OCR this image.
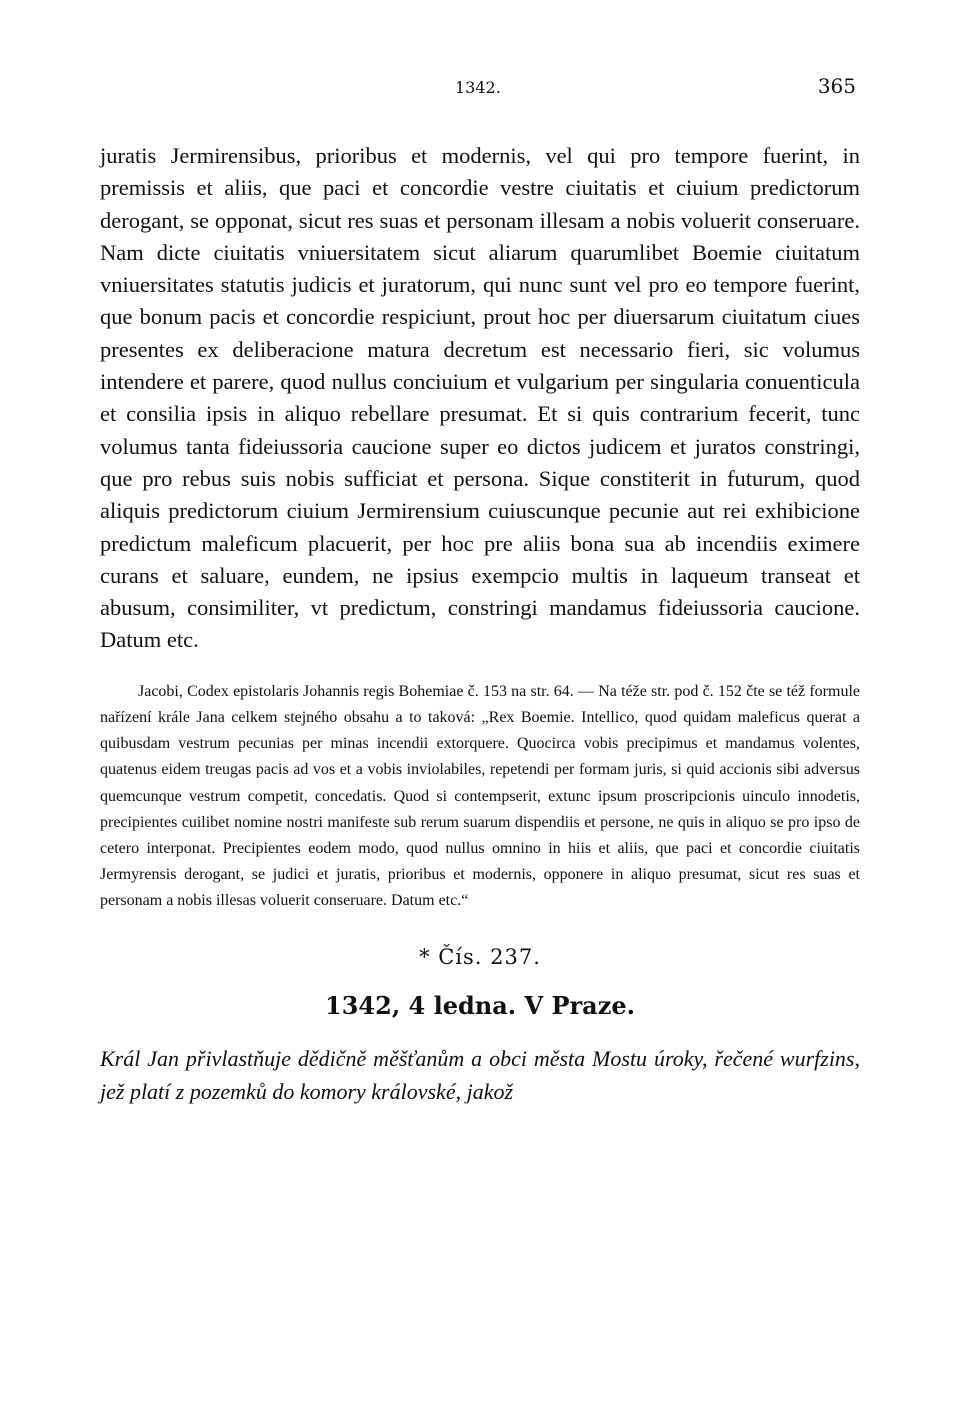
1342.	365

juratis Jermirensibus, prioribus et modernis, vel qui pro tempore fuerint, in premissis et aliis, que paci et concordie vestre ciuitatis et ciuium predictorum derogant, se opponat, sicut res suas et personam illesam a nobis voluerit conseruare. Nam dicte ciuitatis vniuersitatem sicut aliarum quarumlibet Boemie ciuitatum vniuersitates statutis judicis et juratorum, qui nunc sunt vel pro eo tempore fuerint, que bonum pacis et concordie respiciunt, prout hoc per diuersarum ciuitatum ciues presentes ex deliberacione matura decretum est necessario fieri, sic volumus intendere et parere, quod nullus conciuium et vulgarium per singularia conuenticula et consilia ipsis in aliquo rebellare presumat. Et si quis contrarium fecerit, tunc volumus tanta fideiussoria caucione super eo dictos judicem et juratos constringi, que pro rebus suis nobis sufficiat et persona. Sique constiterit in futurum, quod aliquis predictorum ciuium Jermirensium cuiuscunque pecunie aut rei exhibicione predictum maleficum placuerit, per hoc pre aliis bona sua ab incendiis eximere curans et saluare, eundem, ne ipsius exempcio multis in laqueum transeat et abusum, consimiliter, vt predictum, constringi mandamus fideiussoria caucione. Datum etc.

Jacobi, Codex epistolaris Johannis regis Bohemiae č. 153 na str. 64. — Na téže str. pod č. 152 čte se též formule nařízení krále Jana celkem stejného obsahu a to taková: „Rex Boemie. Intellico, quod quidam maleficus querat a quibusdam vestrum pecunias per minas incendii extorquere. Quocirca vobis precipimus et mandamus volentes, quatenus eidem treugas pacis ad vos et a vobis inviolabiles, repetendi per formam juris, si quid accionis sibi adversus quemcunque vestrum competit, concedatis. Quod si contempserit, extunc ipsum proscripcionis uinculo innodetis, precipientes cuilibet nomine nostri manifeste sub rerum suarum dispendiis et persone, ne quis in aliquo se pro ipso de cetero interponat. Precipientes eodem modo, quod nullus omnino in hiis et aliis, que paci et concordie ciuitatis Jermyrensis derogant, se judici et juratis, prioribus et modernis, opponere in aliquo presumat, sicut res suas et personam a nobis illesas voluerit conseruare. Datum etc.“

* Čís. 237.
1342, 4 ledna. V Praze.

Král Jan přivlastňuje dědičně měšťanům a obci města Mostu úroky, řečené wurfzins, jež platí z pozemků do komory královské, jakož
